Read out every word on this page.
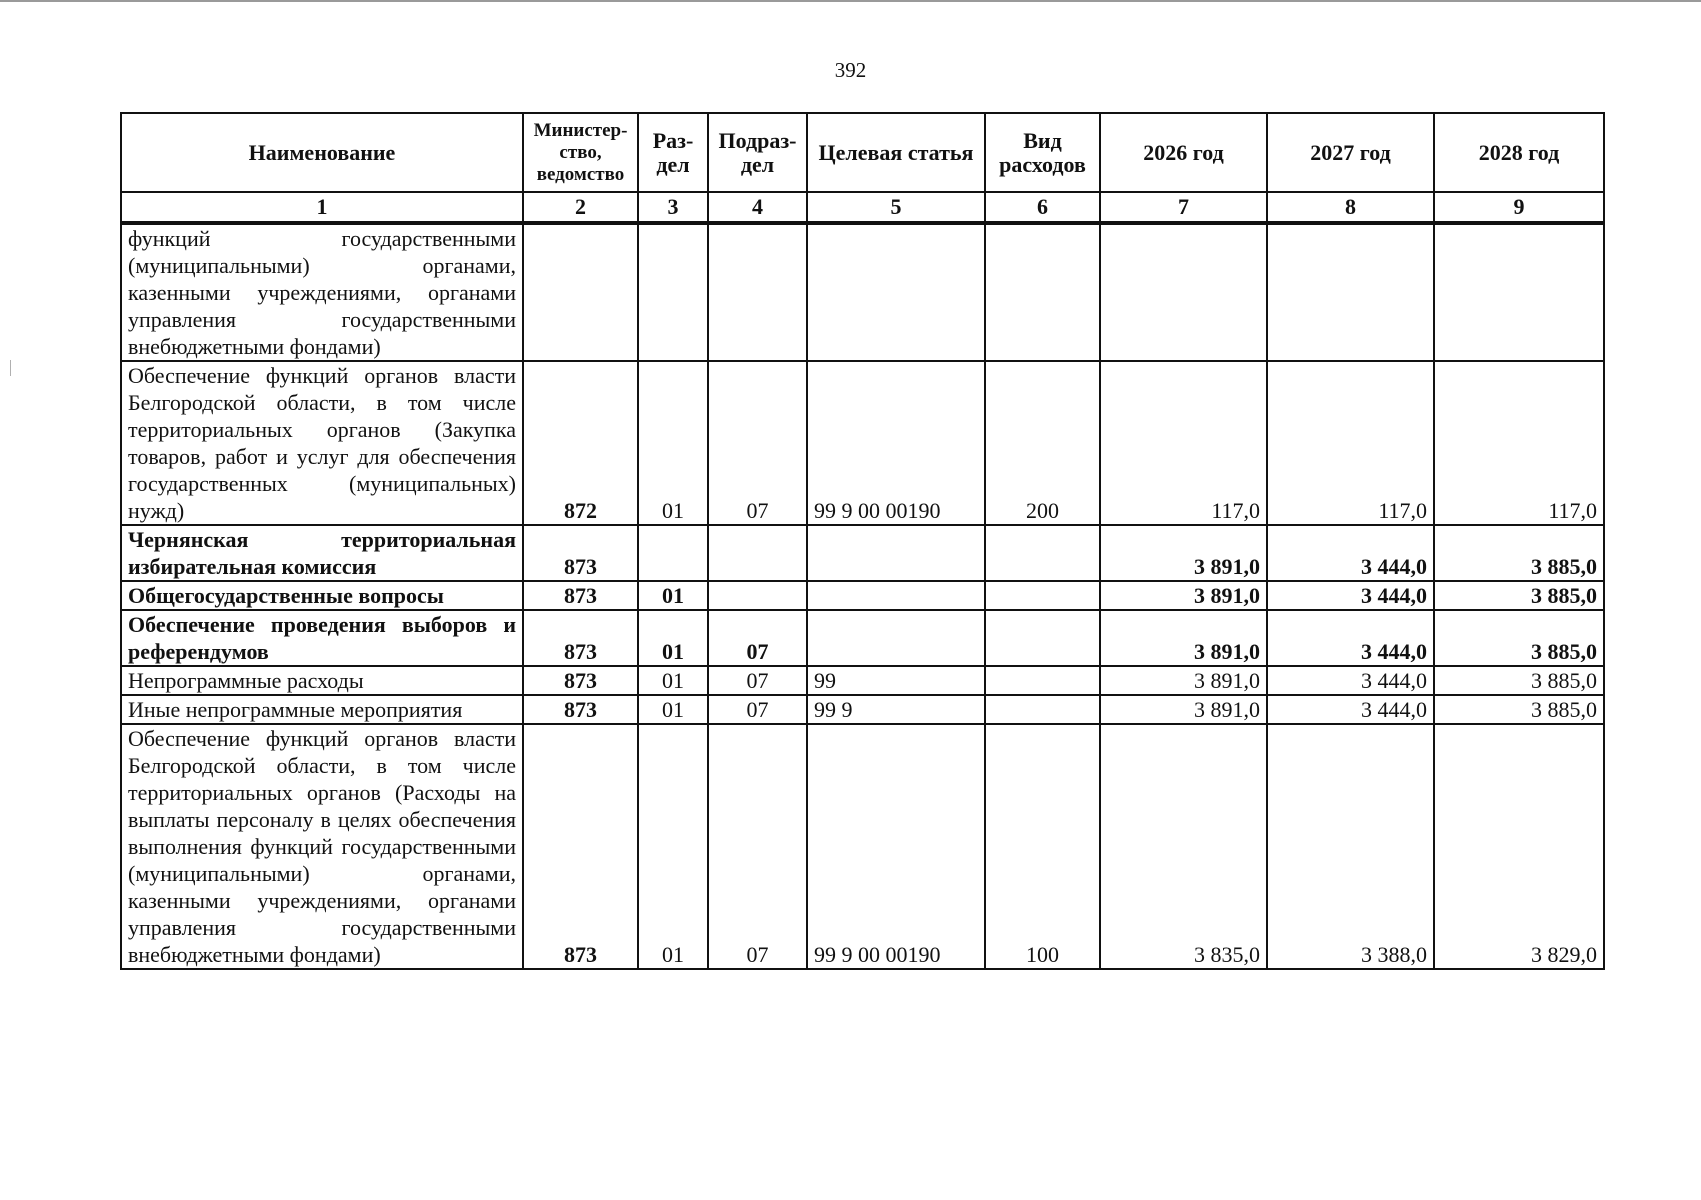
392
Наименование	Министер-ство, ведомство	Раз-дел	Подраз-дел	Целевая статья	Вид расходов	2026 год	2027 год	2028 год
1	2	3	4	5	6	7	8	9
функций государственными (муниципальными) органами, казенными учреждениями, органами управления государственными внебюджетными фондами)								
Обеспечение функций органов власти Белгородской области, в том числе территориальных органов (Закупка товаров, работ и услуг для обеспечения государственных (муниципальных) нужд)	872	01	07	99 9 00 00190	200	117,0	117,0	117,0
Чернянская территориальная избирательная комиссия	873					3 891,0	3 444,0	3 885,0
Общегосударственные вопросы	873	01				3 891,0	3 444,0	3 885,0
Обеспечение проведения выборов и референдумов	873	01	07			3 891,0	3 444,0	3 885,0
Непрограммные расходы	873	01	07	99		3 891,0	3 444,0	3 885,0
Иные непрограммные мероприятия	873	01	07	99 9		3 891,0	3 444,0	3 885,0
Обеспечение функций органов власти Белгородской области, в том числе территориальных органов (Расходы на выплаты персоналу в целях обеспечения выполнения функций государственными (муниципальными) органами, казенными учреждениями, органами управления государственными внебюджетными фондами)	873	01	07	99 9 00 00190	100	3 835,0	3 388,0	3 829,0
